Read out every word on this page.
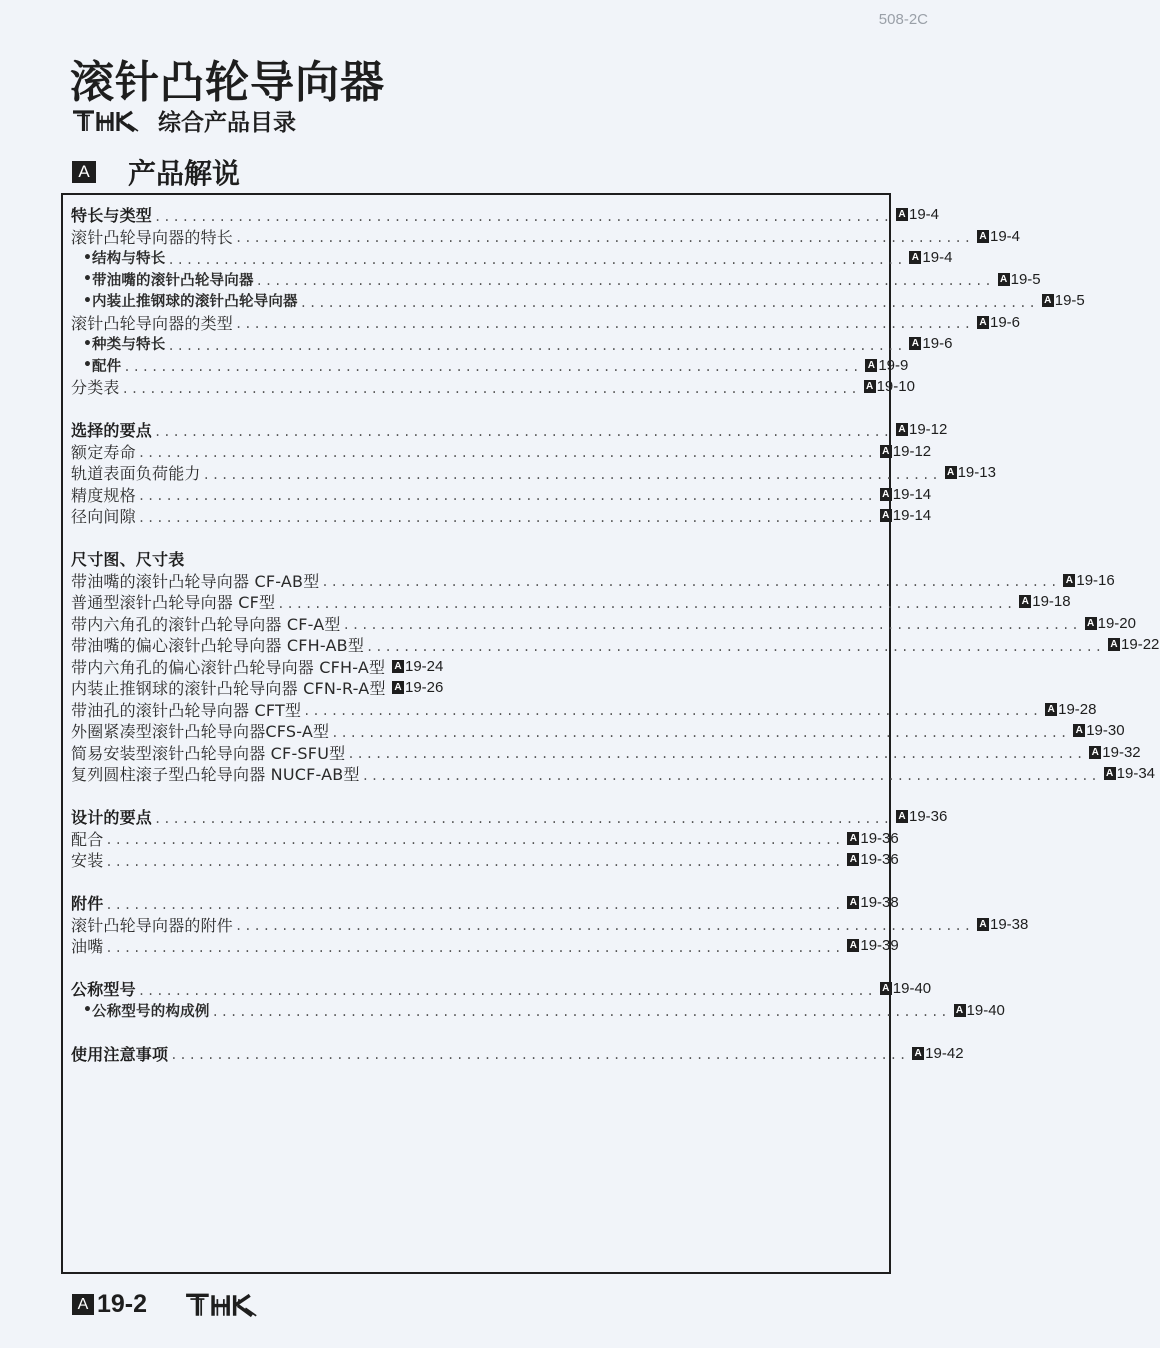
508-2C
滚针凸轮导向器
综合产品目录
A 产品解说
特长与类型 ................................................................................ A 19-4
滚针凸轮导向器的特长 ................................................................................ A 19-4
• 结构与特长 ................................................................................ A 19-4
• 带油嘴的滚针凸轮导向器 ................................................................................ A 19-5
• 内装止推钢球的滚针凸轮导向器 ................................................................................ A 19-5
滚针凸轮导向器的类型 ................................................................................ A 19-6
• 种类与特长 ................................................................................ A 19-6
• 配件 ................................................................................ A 19-9
分类表 ................................................................................ A 19-10
选择的要点 ................................................................................ A 19-12
额定寿命 ................................................................................ A 19-12
轨道表面负荷能力 ................................................................................ A 19-13
精度规格 ................................................................................ A 19-14
径向间隙 ................................................................................ A 19-14
尺寸图、尺寸表
带油嘴的滚针凸轮导向器 CF-AB型 ................................................................................ A 19-16
普通型滚针凸轮导向器 CF型 ................................................................................ A 19-18
带内六角孔的滚针凸轮导向器 CF-A型 ................................................................................ A 19-20
带油嘴的偏心滚针凸轮导向器 CFH-AB型 ................................................................................ A 19-22
带内六角孔的偏心滚针凸轮导向器 CFH-A型 A 19-24
内装止推钢球的滚针凸轮导向器 CFN-R-A型 A 19-26
带油孔的滚针凸轮导向器 CFT型 ................................................................................ A 19-28
外圈紧凑型滚针凸轮导向器CFS-A型 ................................................................................ A 19-30
简易安装型滚针凸轮导向器 CF-SFU型 ................................................................................ A 19-32
复列圆柱滚子型凸轮导向器 NUCF-AB型 ................................................................................ A 19-34
设计的要点 ................................................................................ A 19-36
配合 ................................................................................ A 19-36
安装 ................................................................................ A 19-36
附件 ................................................................................ A 19-38
滚针凸轮导向器的附件 ................................................................................ A 19-38
油嘴 ................................................................................ A 19-39
公称型号 ................................................................................ A 19-40
• 公称型号的构成例 ................................................................................ A 19-40
使用注意事项 ................................................................................ A 19-42
A 19-2
